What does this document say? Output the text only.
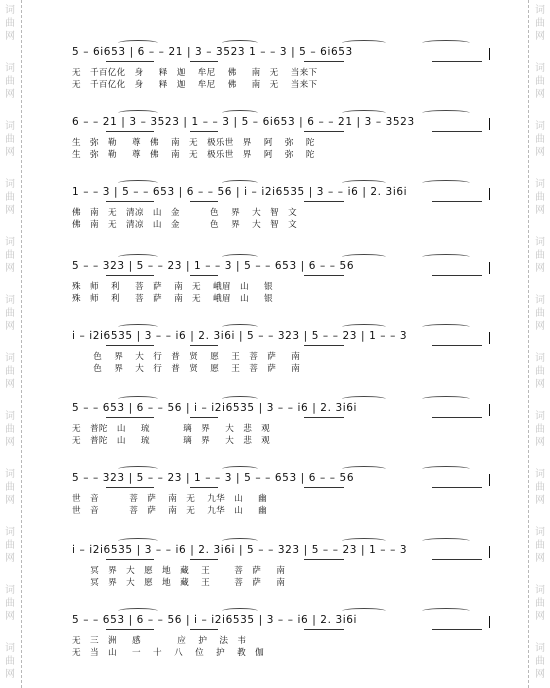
词
曲
网
词
曲
网
词
曲
网
词
曲
网
词
曲
网
词
曲
网
词
曲
网
词
曲
网
词
曲
网
词
曲
网
词
曲
网
词
曲
网
词
曲
网
词
曲
网
词
曲
网
词
曲
网
词
曲
网
词
曲
网
词
曲
网
词
曲
网
词
曲
网
词
曲
网
词
曲
网
词
曲
网
5 – 6i̇653 | 6 – – 21 | 3 – 3523 1 – – 3 | 5 – 6i̇653
无   千百亿化   身     释   迦    牟尼    佛     南   无    当来下
无   千百亿化   身     释   迦    牟尼    佛     南   无    当来下
6 – – 21 | 3 – 3523 | 1 – – 3 | 5 – 6i̇653 | 6 – – 21 | 3 – 3523
生   弥   勒     尊   佛    南   无   极乐世   界    阿    弥    陀
生   弥   勒     尊   佛    南   无   极乐世   界    阿    弥    陀
1 – – 3 | 5 – – 653 | 6 – – 56 | i̇ – i̇2i̇6535 | 3 – – i̇6 | 2. 3i̇6i̇
佛   南   无   清凉   山   金          色    界    大   智   文
佛   南   无   清凉   山   金          色    界    大   智   文
5 – – 323 | 5 – – 23 | 1 – – 3 | 5 – – 653 | 6 – – 56
殊   师    利     菩   萨    南   无    峨眉   山     银
殊   师    利     菩   萨    南   无    峨眉   山     银
i̇ – i̇2i̇6535 | 3 – – i̇6 | 2. 3i̇6i̇ | 5 – – 323 | 5 – – 23 | 1 – – 3
色    界    大   行   普   贤    愿    王   菩   萨     南
色    界    大   行   普   贤    愿    王   菩   萨     南
5 – – 653 | 6 – – 56 | i̇ – i̇2i̇6535 | 3 – – i̇6 | 2. 3i̇6i̇
无   普陀   山     琉           璃   界     大   悲   观
无   普陀   山     琉           璃   界     大   悲   观
5 – – 323 | 5 – – 23 | 1 – – 3 | 5 – – 653 | 6 – – 56
世   音          菩   萨    南   无    九华   山     幽
世   音          菩   萨    南   无    九华   山     幽
i̇ – i̇2i̇6535 | 3 – – i̇6 | 2. 3i̇6i̇ | 5 – – 323 | 5 – – 23 | 1 – – 3
冥   界   大   愿   地   藏    王        菩   萨     南
冥   界   大   愿   地   藏    王        菩   萨     南
5 – – 653 | 6 – – 56 | i̇ – i̇2i̇6535 | 3 – – i̇6 | 2. 3i̇6i̇
无   三   洲     感            应    护    法   韦
无   当   山     一    十    八    位    护    教   伽
